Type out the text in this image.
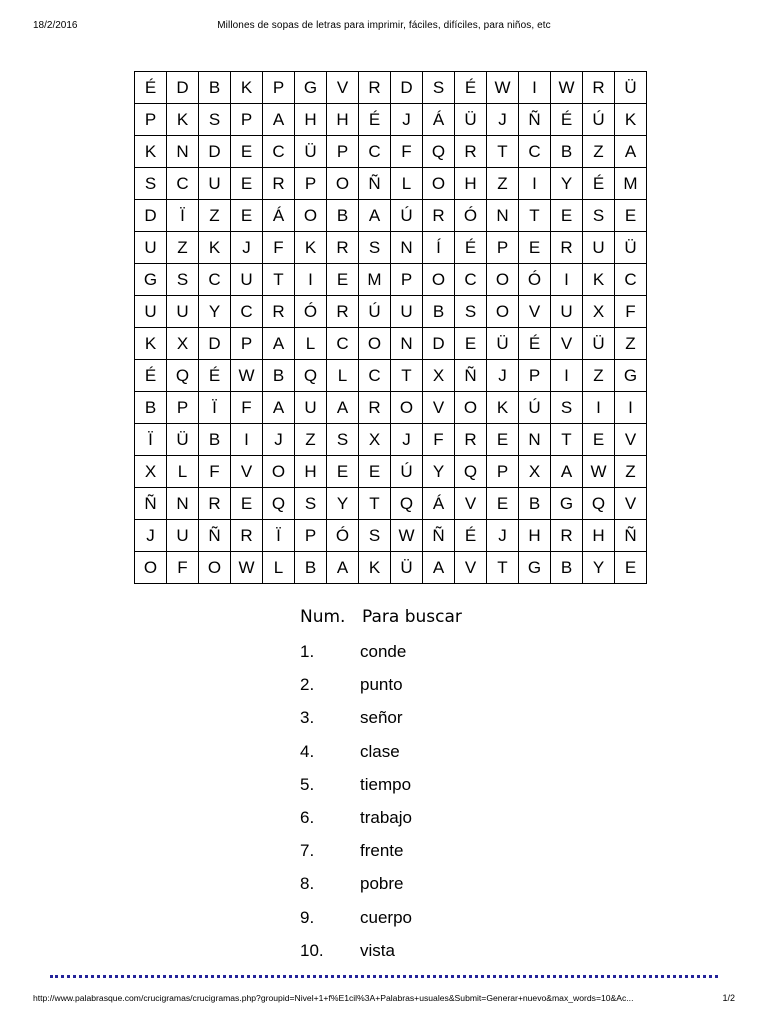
18/2/2016	Millones de sopas de letras para imprimir, fáciles, difíciles, para niños, etc
É	D	B	K	P	G	V	R	D	S	É	W	I	W	R	Ü
P	K	S	P	A	H	H	É	J	Á	Ü	J	Ñ	É	Ú	K
K	N	D	E	C	Ü	P	C	F	Q	R	T	C	B	Z	A
S	C	U	E	R	P	O	Ñ	L	O	H	Z	I	Y	É	M
D	Ï	Z	E	Á	O	B	A	Ú	R	Ó	N	T	E	S	E
U	Z	K	J	F	K	R	S	N	Í	É	P	E	R	U	Ü
G	S	C	U	T	I	E	M	P	O	C	O	Ó	I	K	C
U	U	Y	C	R	Ó	R	Ú	U	B	S	O	V	U	X	F
K	X	D	P	A	L	C	O	N	D	E	Ü	É	V	Ü	Z
É	Q	É	W	B	Q	L	C	T	X	Ñ	J	P	I	Z	G
B	P	Ï	F	A	U	A	R	O	V	O	K	Ú	S	I	I
Ï	Ü	B	I	J	Z	S	X	J	F	R	E	N	T	E	V
X	L	F	V	O	H	E	E	Ú	Y	Q	P	X	A	W	Z
Ñ	N	R	E	Q	S	Y	T	Q	Á	V	E	B	G	Q	V
J	U	Ñ	R	Ï	P	Ó	S	W	Ñ	É	J	H	R	H	Ñ
O	F	O	W	L	B	A	K	Ü	A	V	T	G	B	Y	E
Num. Para buscar
1.	conde
2.	punto
3.	señor
4.	clase
5.	tiempo
6.	trabajo
7.	frente
8.	pobre
9.	cuerpo
10. vista
http://www.palabrasque.com/crucigramas/crucigramas.php?groupid=Nivel+1+f%E1cil%3A+Palabras+usuales&Submit=Generar+nuevo&max_words=10&Ac...	1/2
